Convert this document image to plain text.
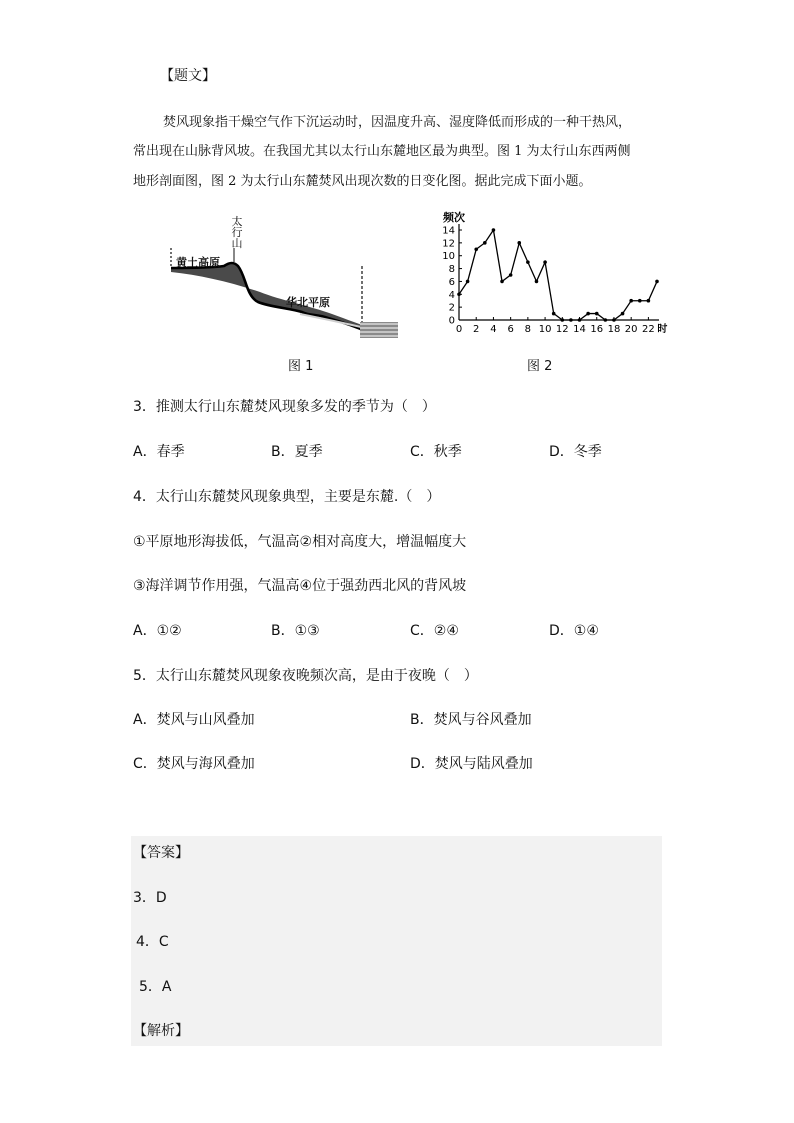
【题文】
焚风现象指干燥空气作下沉运动时，因温度升高、湿度降低而形成的一种干热风，
常出现在山脉背风坡。在我国尤其以太行山东麓地区最为典型。图 1 为太行山东西两侧
地形剖面图，图 2 为太行山东麓焚风出现次数的日变化图。据此完成下面小题。
太
行
山
黄土高原
华北平原
图 1
频次
0
2
4
6
8
10
12
14
0 2 4 6 8 10 12 14 16 18 20 22 时
图 2
3．推测太行山东麓焚风现象多发的季节为（　）
A．春季	B．夏季	C．秋季	D．冬季
4．太行山东麓焚风现象典型，主要是东麓.（　）
①平原地形海拔低，气温高②相对高度大，增温幅度大
③海洋调节作用强，气温高④位于强劲西北风的背风坡
A．①②	B．①③	C．②④	D．①④
5．太行山东麓焚风现象夜晚频次高，是由于夜晚（　）
A．焚风与山风叠加	B．焚风与谷风叠加
C．焚风与海风叠加	D．焚风与陆风叠加
【答案】
3．D
4．C
5．A
【解析】
